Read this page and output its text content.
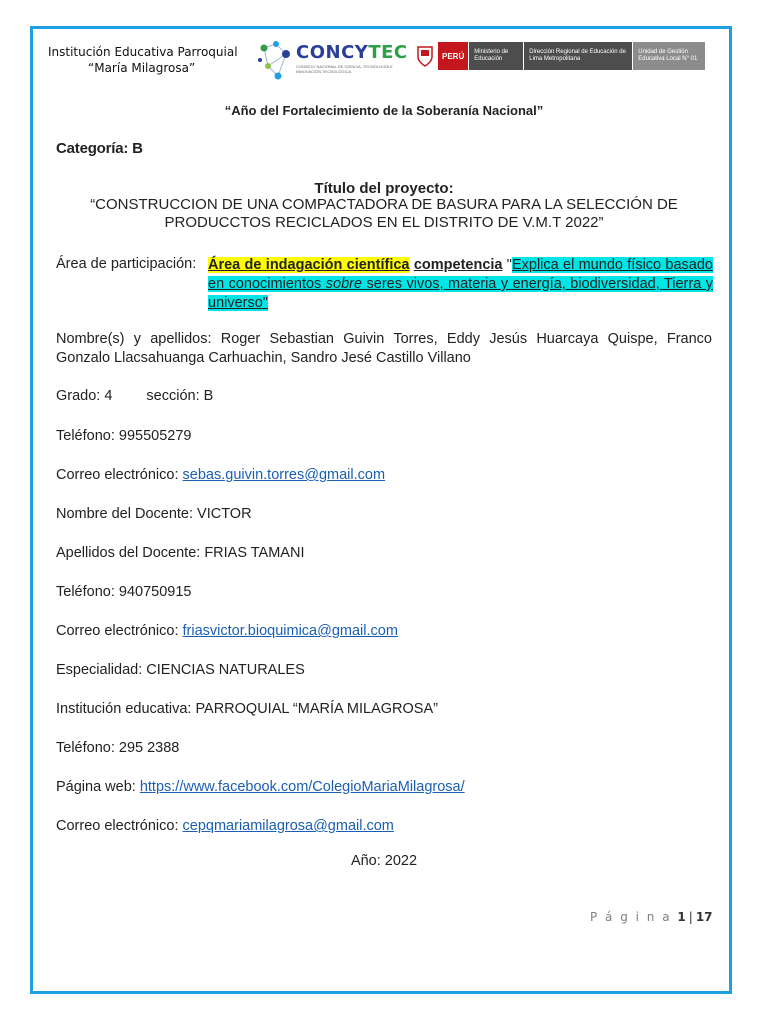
Institución Educativa Parroquial
“María Milagrosa”
CONCYTEC
CONSEJO NACIONAL DE CIENCIA, TECNOLOGÍA E INNOVACIÓN TECNOLÓGICA
PERÚ	Ministerio de Educación
Dirección Regional de Educación de Lima Metropolitana
Unidad de Gestión Educativa Local N° 01
“Año del Fortalecimiento de la Soberanía Nacional”
Categoría: B
Título del proyecto:
“CONSTRUCCION DE UNA COMPACTADORA DE BASURA PARA LA SELECCIÓN DE PRODUCCTOS RECICLADOS EN EL DISTRITO DE V.M.T 2022”
Área de participación: Área de indagación científica competencia "Explica el mundo físico basado en conocimientos sobre seres vivos, materia y energía, biodiversidad, Tierra y universo"
Nombre(s) y apellidos: Roger Sebastian Guivin Torres, Eddy Jesús Huarcaya Quispe, Franco Gonzalo Llacsahuanga Carhuachin, Sandro Jesé Castillo Villano
Grado: 4 sección: B
Teléfono: 995505279
Correo electrónico: sebas.guivin.torres@gmail.com
Nombre del Docente: VICTOR
Apellidos del Docente: FRIAS TAMANI
Teléfono: 940750915
Correo electrónico: friasvictor.bioquimica@gmail.com
Especialidad: CIENCIAS NATURALES
Institución educativa: PARROQUIAL “MARÍA MILAGROSA”
Teléfono: 295 2388
Página web: https://www.facebook.com/ColegioMariaMilagrosa/
Correo electrónico: cepqmariamilagrosa@gmail.com
Año: 2022
P á g i n a 1 | 17
